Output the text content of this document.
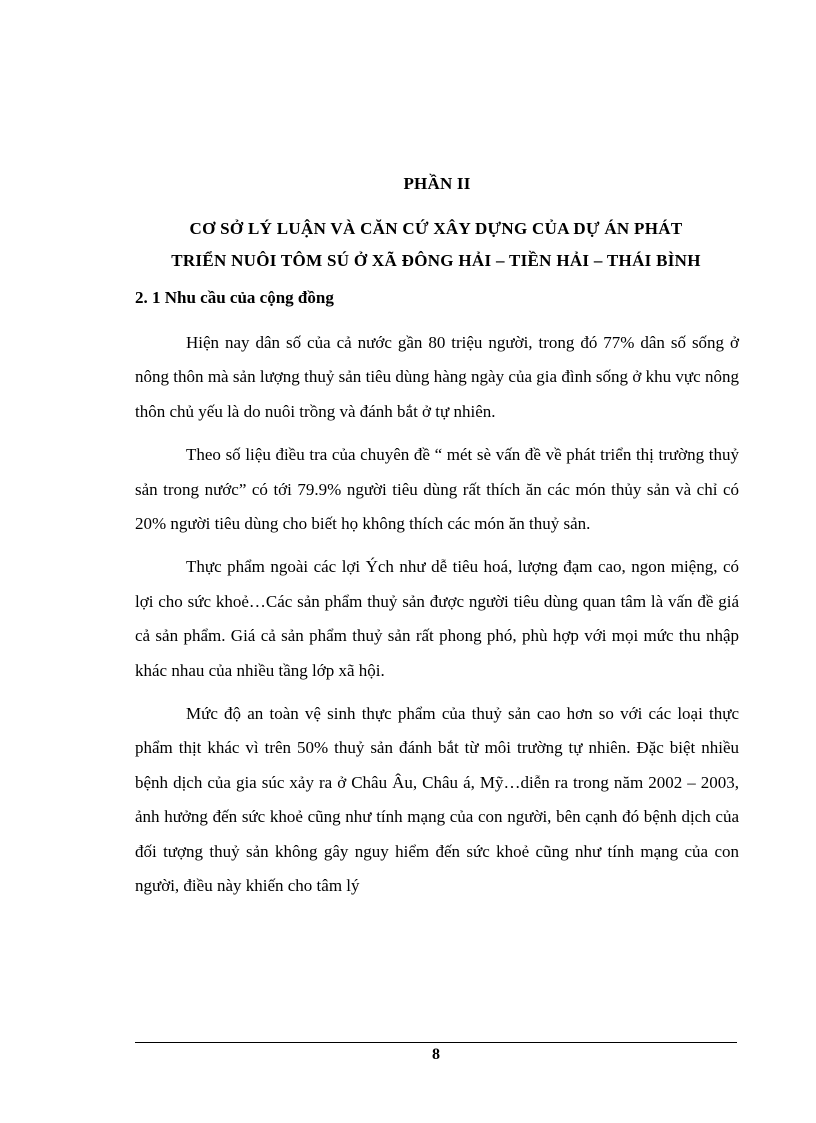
PHẦN II
CƠ SỞ LÝ LUẬN VÀ CĂN CỨ XÂY DỰNG CỦA DỰ ÁN PHÁT
TRIỂN NUÔI TÔM SÚ Ở XÃ ĐÔNG HẢI – TIỀN HẢI – THÁI BÌNH
2. 1 Nhu cầu của cộng đồng

Hiện nay dân số của cả nước gần 80 triệu người, trong đó 77% dân số sống ở nông thôn mà sản lượng thuỷ sản tiêu dùng hàng ngày của gia đình sống ở khu vực nông thôn chủ yếu là do nuôi trồng và đánh bắt ở tự nhiên.

Theo số liệu điều tra của chuyên đề “ mét sè vấn đề về phát triển thị trường thuỷ sản trong nước” có tới 79.9% người tiêu dùng rất thích ăn các món thủy sản và chỉ có 20% người tiêu dùng cho biết họ không thích các món ăn thuỷ sản.

Thực phẩm ngoài các lợi Ých như dễ tiêu hoá, lượng đạm cao, ngon miệng, có lợi cho sức khoẻ…Các sản phẩm thuỷ sản được người tiêu dùng quan tâm là vấn đề giá cả sản phẩm. Giá cả sản phẩm thuỷ sản rất phong phó, phù hợp với mọi mức thu nhập khác nhau của nhiều tầng lớp xã hội.

Mức độ an toàn vệ sinh thực phẩm của thuỷ sản cao hơn so với các loại thực phẩm thịt khác vì trên 50% thuỷ sản đánh bắt từ môi trường tự nhiên. Đặc biệt nhiều bệnh dịch của gia súc xảy ra ở Châu Âu, Châu á, Mỹ…diễn ra trong năm 2002 – 2003, ảnh hưởng đến sức khoẻ cũng như tính mạng của con người, bên cạnh đó bệnh dịch của đối tượng thuỷ sản không gây nguy hiểm đến sức khoẻ cũng như tính mạng của con người, điều này khiến cho tâm lý

8
